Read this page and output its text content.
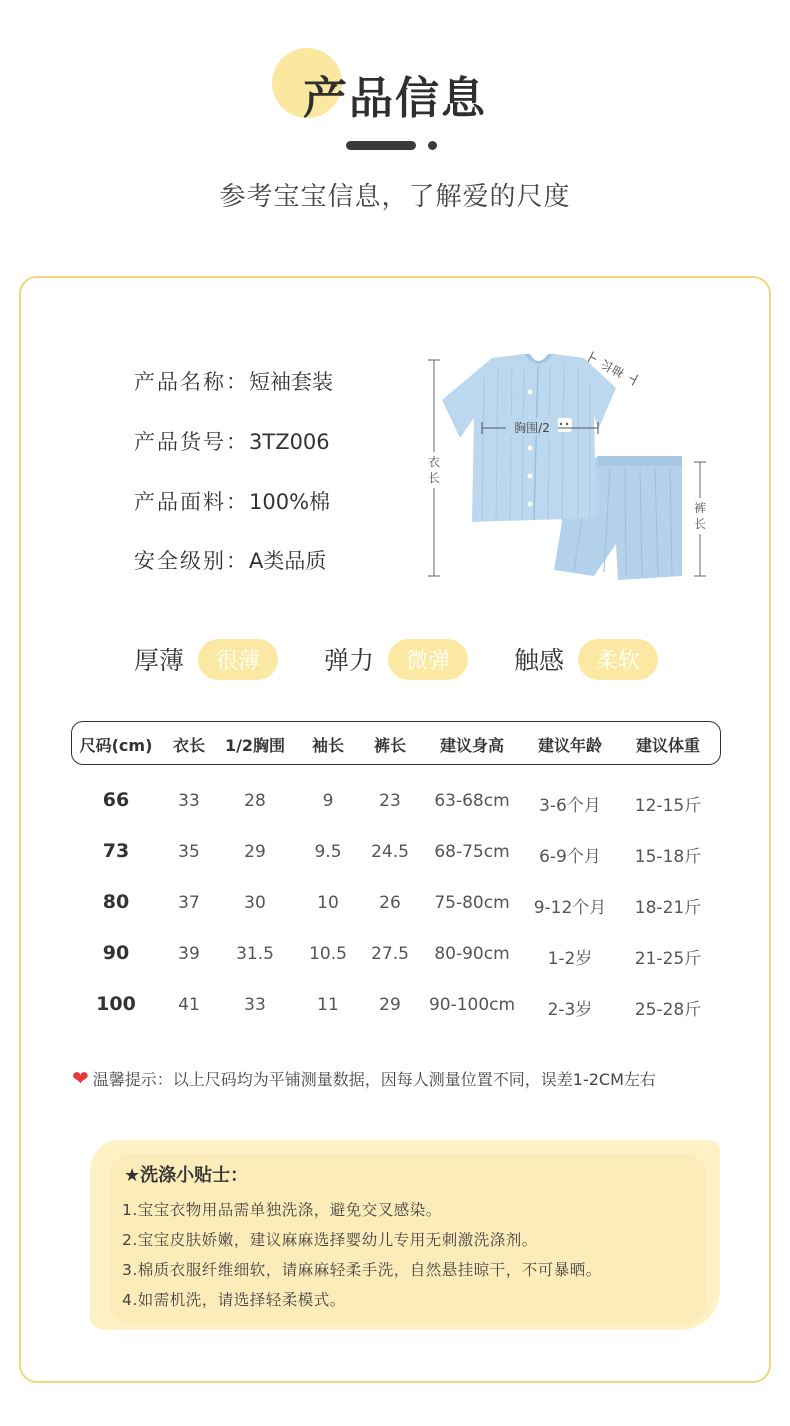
产品信息
参考宝宝信息，了解爱的尺度
产品名称：短袖套装
产品货号：3TZ006
产品面料：100%棉
安全级别：A类品质
衣
长
胸围/2
袖长
裤
长
厚薄	很薄	弹力	微弹	触感	柔软
尺码(cm) 衣长 1/2胸围 袖长 裤长 建议身高 建议年龄 建议体重
66	33	28	9	23 63-68cm 3-6个月 12-15斤
73	35	29	9.5 24.5 68-75cm 6-9个月 15-18斤
80	37	30	10 26 75-80cm 9-12个月 18-21斤
90	39 31.5 10.5 27.5 80-90cm 1-2岁 21-25斤
100 41	33	11 29 90-100cm 2-3岁 25-28斤
❤ 温馨提示：以上尺码均为平铺测量数据，因每人测量位置不同，误差1-2CM左右
★洗涤小贴士：
1.宝宝衣物用品需单独洗涤，避免交叉感染。
2.宝宝皮肤娇嫩，建议麻麻选择婴幼儿专用无刺激洗涤剂。
3.棉质衣服纤维细软，请麻麻轻柔手洗，自然悬挂晾干，不可暴晒。
4.如需机洗，请选择轻柔模式。
